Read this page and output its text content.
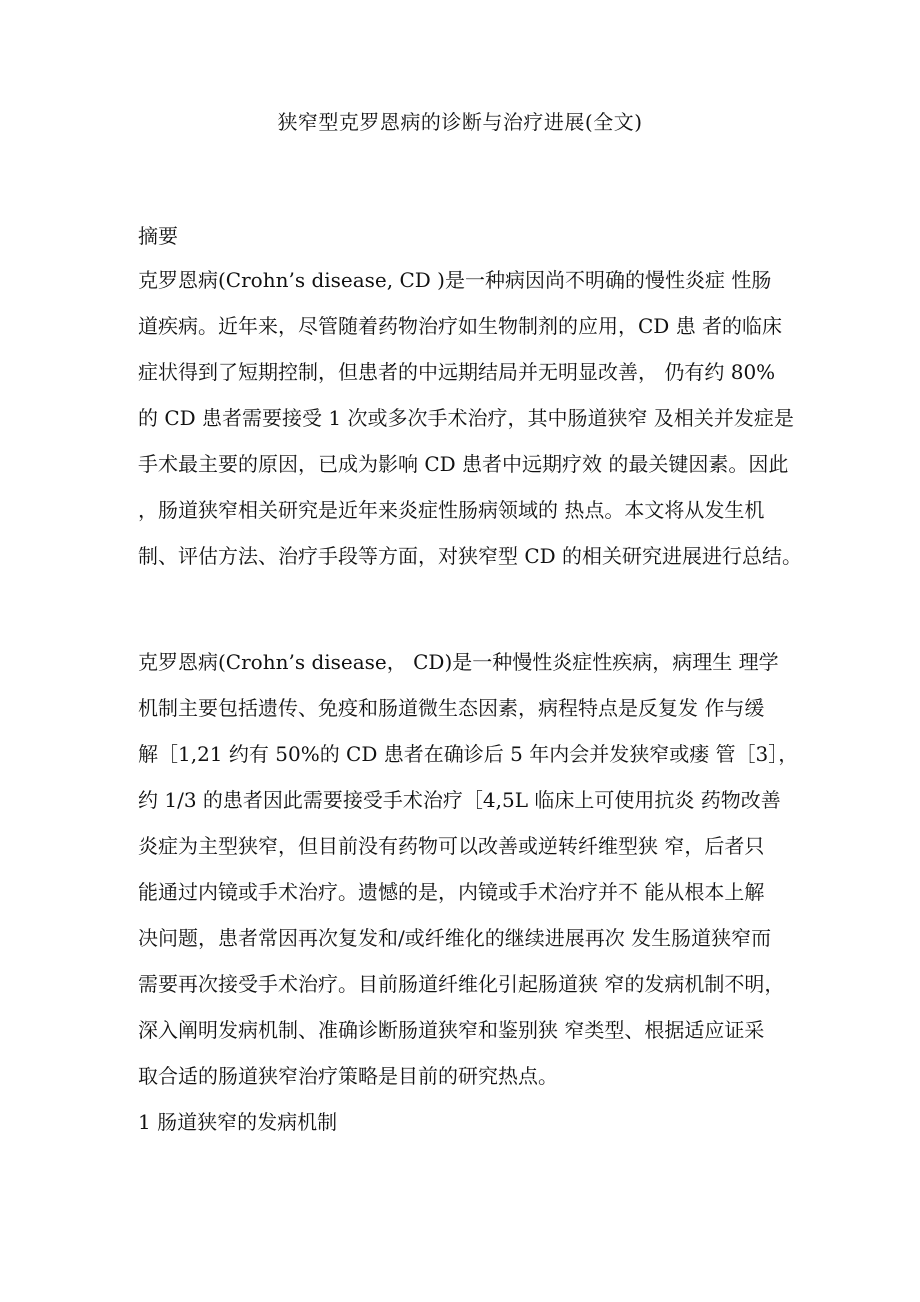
狭窄型克罗恩病的诊断与治疗进展(全文)
摘要
克罗恩病(Crohn’s disease, CD )是一种病因尚不明确的慢性炎症 性肠
道疾病。近年来，尽管随着药物治疗如生物制剂的应用，CD 患 者的临床
症状得到了短期控制，但患者的中远期结局并无明显改善， 仍有约 80%
的 CD 患者需要接受 1 次或多次手术治疗，其中肠道狭窄 及相关并发症是
手术最主要的原因，已成为影响 CD 患者中远期疗效 的最关键因素。因此
，肠道狭窄相关研究是近年来炎症性肠病领域的 热点。本文将从发生机
制、评估方法、治疗手段等方面，对狭窄型 CD 的相关研究进展进行总结。
克罗恩病(Crohn’s disease， CD)是一种慢性炎症性疾病，病理生 理学
机制主要包括遗传、免疫和肠道微生态因素，病程特点是反复发 作与缓
解［1,21 约有 50%的 CD 患者在确诊后 5 年内会并发狭窄或瘘 管［3］，
约 1/3 的患者因此需要接受手术治疗［4,5L 临床上可使用抗炎 药物改善
炎症为主型狭窄，但目前没有药物可以改善或逆转纤维型狭 窄，后者只
能通过内镜或手术治疗。遗憾的是，内镜或手术治疗并不 能从根本上解
决问题，患者常因再次复发和/或纤维化的继续进展再次 发生肠道狭窄而
需要再次接受手术治疗。目前肠道纤维化引起肠道狭 窄的发病机制不明，
深入阐明发病机制、准确诊断肠道狭窄和鉴别狭 窄类型、根据适应证采
取合适的肠道狭窄治疗策略是目前的研究热点。
1 肠道狭窄的发病机制
